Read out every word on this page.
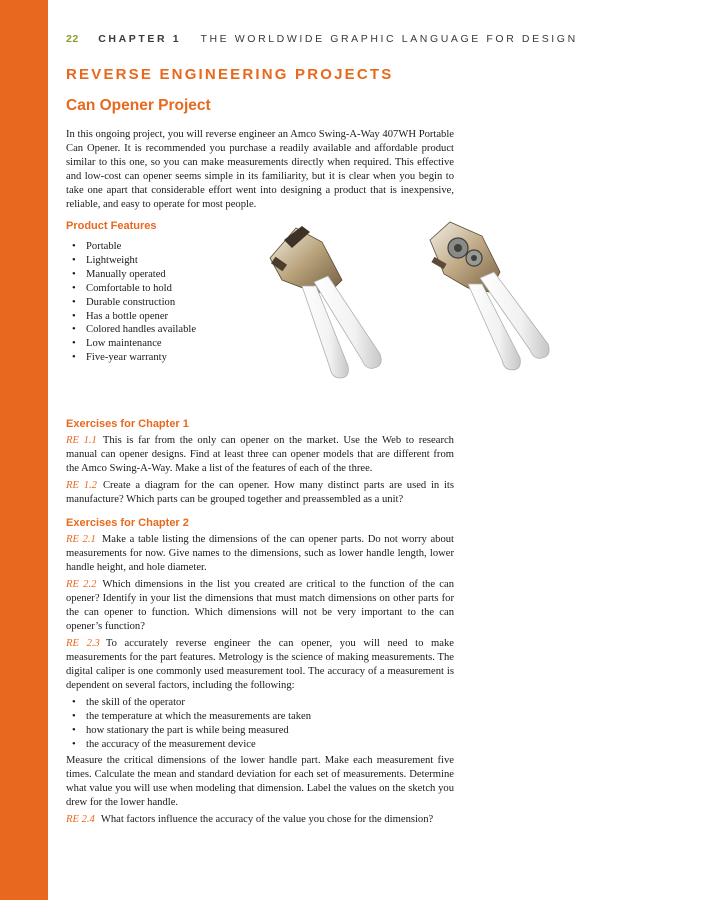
22 CHAPTER 1 THE WORLDWIDE GRAPHIC LANGUAGE FOR DESIGN
REVERSE ENGINEERING PROJECTS
Can Opener Project

In this ongoing project, you will reverse engineer an Amco Swing-A-Way 407WH Portable Can Opener. It is recommended you purchase a readily available and affordable product similar to this one, so you can make measurements directly when required. This effective and low-cost can opener seems simple in its familiarity, but it is clear when you begin to take one apart that considerable effort went into designing a product that is inexpensive, reliable, and easy to operate for most people.

Product Features
• Portable
• Lightweight
• Manually operated
• Comfortable to hold
• Durable construction
• Has a bottle opener
• Colored handles available
• Low maintenance
• Five-year warranty
Exercises for Chapter 1

RE 1.1 This is far from the only can opener on the market. Use the Web to research manual can opener designs. Find at least three can opener models that are different from the Amco Swing-A-Way. Make a list of the features of each of the three.

RE 1.2 Create a diagram for the can opener. How many distinct parts are used in its manufacture? Which parts can be grouped together and preassembled as a unit?

Exercises for Chapter 2

RE 2.1 Make a table listing the dimensions of the can opener parts. Do not worry about measurements for now. Give names to the dimensions, such as lower handle length, lower handle height, and hole diameter.

RE 2.2 Which dimensions in the list you created are critical to the function of the can opener? Identify in your list the dimensions that must match dimensions on other parts for the can opener to function. Which dimensions will not be very important to the can opener’s function?

RE 2.3 To accurately reverse engineer the can opener, you will need to make measurements for the part features. Metrology is the science of making measurements. The digital caliper is one commonly used measurement tool. The accuracy of a measurement is dependent on several factors, including the following:

• the skill of the operator
• the temperature at which the measurements are taken
• how stationary the part is while being measured
• the accuracy of the measurement device

Measure the critical dimensions of the lower handle part. Make each measurement five times. Calculate the mean and standard deviation for each set of measurements. Determine what value you will use when modeling that dimension. Label the values on the sketch you drew for the lower handle.

RE 2.4 What factors influence the accuracy of the value you chose for the dimension?
